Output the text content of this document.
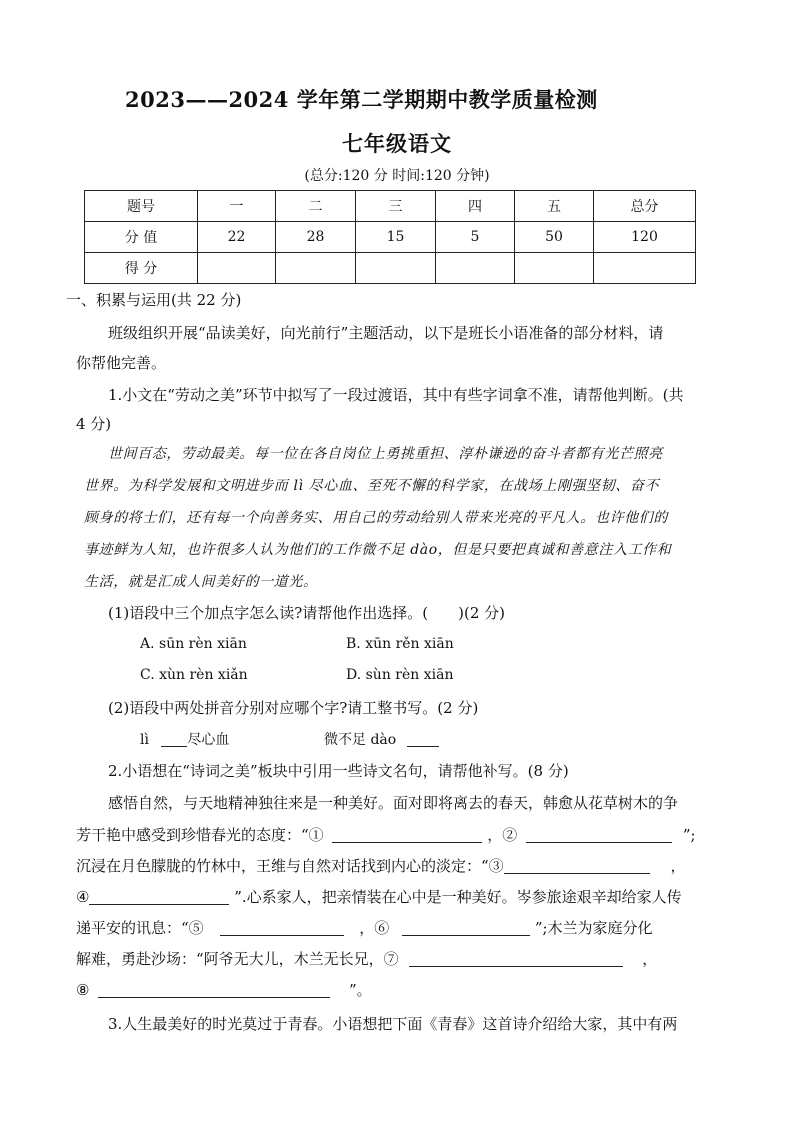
2023——2024 学年第二学期期中教学质量检测
七年级语文
(总分:120 分 时间:120 分钟)
题号	一	二	三	四	五	总分
分 值	22	28	15	5	50	120
得 分						
一、积累与运用(共 22 分)
班级组织开展“品读美好，向光前行”主题活动，以下是班长小语准备的部分材料，请
你帮他完善。
1.小文在“劳动之美”环节中拟写了一段过渡语，其中有些字词拿不准，请帮他判断。(共
4 分)
世间百态，劳动最美。每一位在各自岗位上勇挑重担、淳朴谦逊的奋斗者都有光芒照亮
世界。为科学发展和文明进步而 lì 尽心血、至死不懈的科学家，在战场上刚强坚韧、奋不
顾身的将士们，还有每一个向善务实、用自己的劳动给别人带来光亮的平凡人。也许他们的
事迹鲜为人知，也许很多人认为他们的工作微不足 dào，但是只要把真诚和善意注入工作和
生活，就是汇成人间美好的一道光。
(1)语段中三个加点字怎么读?请帮他作出选择。(　　)(2 分)
A. sūn rèn xiān	B. xūn rěn xiān
C. xùn rèn xiǎn	D. sùn rèn xiān
(2)语段中两处拼音分别对应哪个字?请工整书写。(2 分)
lì	尽心血	微不足 dào
2.小语想在“诗词之美”板块中引用一些诗文名句，请帮他补写。(8 分)
感悟自然，与天地精神独往来是一种美好。面对即将离去的春天，韩愈从花草树木的争
芳干艳中感受到珍惜春光的态度：“①	，②	”;
沉浸在月色朦胧的竹林中，王维与自然对话找到内心的淡定：“③	，
④	”.心系家人，把亲情装在心中是一种美好。岑参旅途艰辛却给家人传
递平安的讯息：“⑤	，⑥	”;木兰为家庭分化
解难，勇赴沙场：“阿爷无大儿，木兰无长兄，⑦	，
⑧	”。
3.人生最美好的时光莫过于青春。小语想把下面《青春》这首诗介绍给大家，其中有两
